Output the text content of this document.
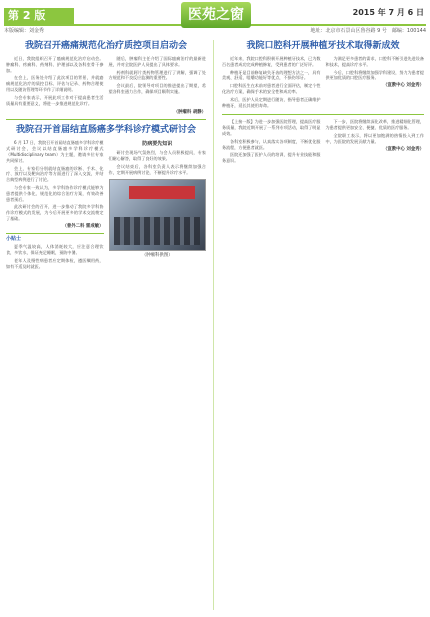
第 2 版	医苑之窗	2015 年 7 月 6 日
本版编辑：刘金秀	地址：北京市石景山区鲁谷路 9 号　邮编：100144
我院召开癌痛规范化治疗质控项目启动会

近日，我院组织召开了癌痛规范化治疗启动会。肿瘤科、疼痛科、药剂科、护理部以及各科室骨干参加。

在会上，医务处介绍了此次项目的背景，并就癌痛规范化治疗的质控目标、评估与记录、药物合理使用以及随访管理等环节作了详细说明。

与会专家表示，开展此项工作对于提高患者生活质量具有重要意义，将进一步推进规范化诊疗。

随后，肿瘤科主任介绍了国际癌痛治疗的最新进展，并对全院医护人员提出了具体要求。

药剂科就阿片类药物管理进行了讲解，强调了处方规范和不良反应监测的重要性。

会议最后，院领导对项目的推进提出了期望，希望各科室通力合作，确保项目顺利实施。

（肿瘤科 胡静）
我院召开首届结直肠癌多学科诊疗模式研讨会

6 月 17 日，我院召开首届结直肠癌多学科诊疗模式研讨会，会议以结直肠癌多学科诊疗模式（Multidisciplinary team）为主题，邀请多位专家共同探讨。

会上，专家们分别就结直肠癌的诊断、手术、化疗、放疗以及靶向治疗等方面进行了深入交流，并结合典型病例进行了讨论。

与会专家一致认为，多学科协作诊疗模式能够为患者提供个体化、规范化的综合治疗方案，有效改善患者预后。

此次研讨会的召开，进一步推动了我院多学科协作诊疗模式的发展，为今后开展更多的学术交流奠定了基础。

（普外二科 雷成敏）
小贴士

夏季气温较高，人体消耗较大，应注意合理饮食，多饮水，保证充足睡眠，预防中暑。

老年人及慢性病患者应定期体检，遵医嘱用药，如有不适及时就医。

防病要先知识

研讨会现场气氛热烈，与会人员积极提问，专家们耐心解答，取得了良好的效果。

会议结束后，各科室负责人表示将继续加强合作，定期开展病例讨论，不断提升诊疗水平。

（肿瘤科供图）
我院口腔科开展种植牙技术取得新成效

近年来，我院口腔科积极开展种植牙技术，已为数百名患者成功完成种植修复，受到患者的广泛好评。

种植牙是目前修复缺失牙齿的理想方法之一，具有美观、舒适、咀嚼功能好等优点，不损伤邻牙。

口腔科医生在术前对患者进行全面评估，制定个性化治疗方案，确保手术的安全性和成功率。

术后，医护人员定期进行随访，指导患者正确维护种植牙，延长其使用寿命。

为满足更多患者的需求，口腔科不断引进先进设备和技术，提高诊疗水平。

今后，口腔科将继续加强学科建设，努力为患者提供更加优质的口腔医疗服务。

（宣教中心 刘金秀）

【上接一版】为进一步加强医院管理，提高医疗服务质量，我院近期开展了一系列专项活动，取得了明显成效。

各科室积极参与，认真落实各项制度，不断优化服务流程，方便患者就医。

医院还加强了医护人员的培训，提升专业技能和服务意识。

下一步，医院将继续深化改革，推进精细化管理，为患者提供更加安全、便捷、优质的医疗服务。

全院职工表示，将以更加饱满的热情投入到工作中，为医院的发展贡献力量。

（宣教中心 刘金秀）
